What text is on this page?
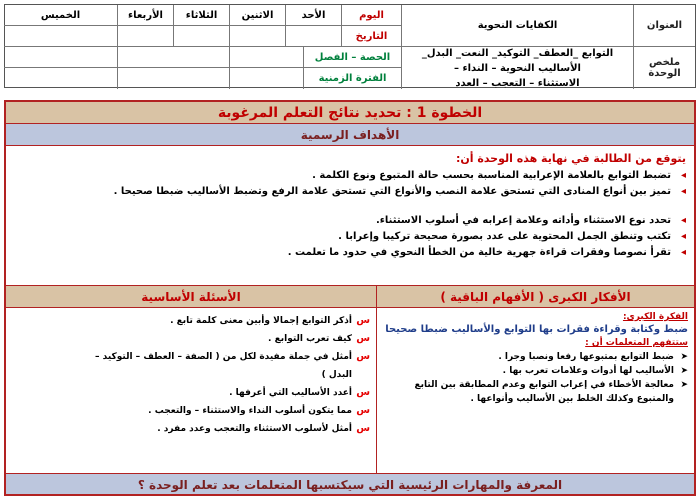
العنوان
ملخص الوحدة
الكفايات النحوية
التوابع _العطف_ التوكيد_ النعت_ البدل_ الأساليب النحوية – النداء –
الاستثناء – التعجب – العدد
اليوم
التاريخ
الأحد
الاثنين
الثلاثاء
الأربعاء
الخميس
الحصة – الفصل
الفترة الزمنية
الخطوة 1 : تحديد نتائج التعلم المرغوبة
الأهداف الرسمية
يتوقع من الطالبة في نهاية هذه الوحدة أن:
◂
تضبط التوابع بالعلامة الإعرابية المناسبة بحسب حالة المتبوع ونوع الكلمة .
◂
تميز بين أنواع المنادى التي تستحق علامة النصب والأنواع التي تستحق علامة الرفع وتضبط الأساليب ضبطا صحيحا .
◂
تحدد نوع الاستثناء وأداته وعلامة إعرابه في أسلوب الاستثناء.
◂
تكتب وتنطق الجمل المحتوية على عدد بصورة صحيحة تركيبا وإعرابا .
◂
تقرأ نصوصا وفقرات قراءة جهرية خالية من الخطأ النحوي في حدود ما تعلمت .
الأفكار الكبرى ( الأفهام الباقية )
الفكرة الكبرى:
ضبط وكتابة وقراءة فقرات بها التوابع والأساليب ضبطا صحيحا
ستتفهم المتعلمات أن :
➤
ضبط التوابع بمتبوعها رفعا ونصبا وجرا .
➤
الأساليب لها أدوات وعلامات تعرب بها .
➤
معالجة الأخطاء في إعراب التوابع وعدم المطابقة بين التابع والمتبوع وكذلك الخلط بين الأساليب وأنواعها .
الأسئلة الأساسية
س
أذكر التوابع إجمالا وأبين معنى كلمة تابع .
س
كيف تعرب التوابع .
س
أمثل في جملة مفيدة لكل من ( الصفة – العطف – التوكيد –
البدل )
س
أعدد الأساليب التي أعرفها .
س
مما يتكون أسلوب النداء والاستثناء – والتعجب .
س
أمثل لأسلوب الاستثناء والتعجب وعدد مفرد .
المعرفة والمهارات الرئيسية التي سيكتسبها المتعلمات بعد تعلم الوحدة ؟
